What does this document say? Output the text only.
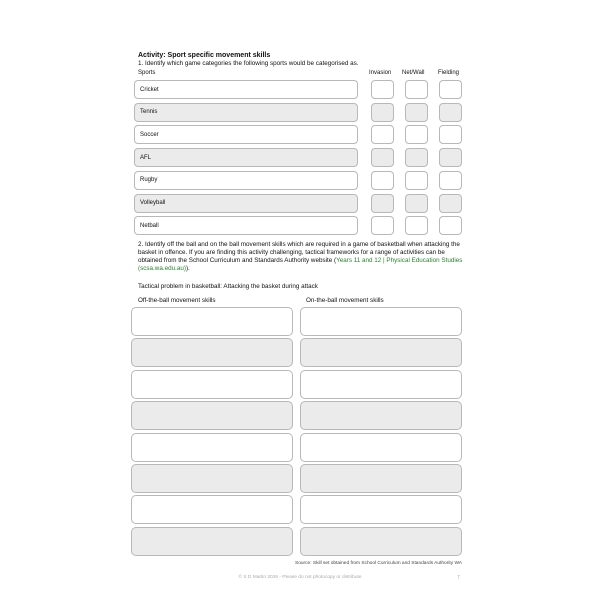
Activity: Sport specific movement skills
1. Identify which game categories the following sports would be categorised as.
Sports	Invasion Net/Wall Fielding
Cricket
Tennis
Soccer
AFL
Rugby
Volleyball
Netball
2. Identify off the ball and on the ball movement skills which are required in a game of basketball when attacking the basket in offence. If you are finding this activity challenging, tactical frameworks for a range of activities can be obtained from the School Curriculum and Standards Authority website (Years 11 and 12 | Physical Education Studies (scsa.wa.edu.au)).
Tactical problem in basketball: Attacking the basket during attack
Off-the-ball movement skills	On-the-ball movement skills
Source: Skill set obtained from School Curriculum and Standards Authority WA
© S D Martin 2026 - Please do not photocopy or distribute	7
